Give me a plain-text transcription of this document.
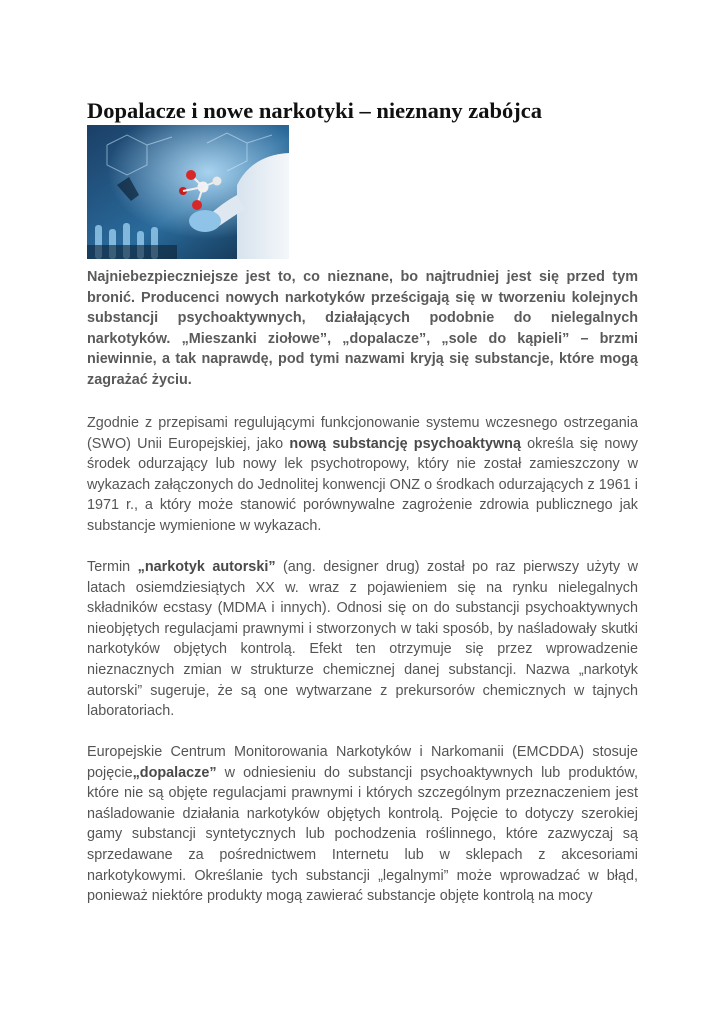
Dopalacze i nowe narkotyki – nieznany zabójca

Najniebezpieczniejsze jest to, co nieznane, bo najtrudniej jest się przed tym bronić. Producenci nowych narkotyków prześcigają się w tworzeniu kolejnych substancji psychoaktywnych, działających podobnie do nielegalnych narkotyków. „Mieszanki ziołowe”, „dopalacze”, „sole do kąpieli” – brzmi niewinnie, a tak naprawdę, pod tymi nazwami kryją się substancje, które mogą zagrażać życiu.

Zgodnie z przepisami regulującymi funkcjonowanie systemu wczesnego ostrzegania (SWO) Unii Europejskiej, jako nową substancję psychoaktywną określa się nowy środek odurzający lub nowy lek psychotropowy, który nie został zamieszczony w wykazach załączonych do Jednolitej konwencji ONZ o środkach odurzających z 1961 i 1971 r., a który może stanowić porównywalne zagrożenie zdrowia publicznego jak substancje wymienione w wykazach.

Termin „narkotyk autorski” (ang. designer drug) został po raz pierwszy użyty w latach osiemdziesiątych XX w. wraz z pojawieniem się na rynku nielegalnych składników ecstasy (MDMA i innych). Odnosi się on do substancji psychoaktywnych nieobjętych regulacjami prawnymi i stworzonych w taki sposób, by naśladowały skutki narkotyków objętych kontrolą. Efekt ten otrzymuje się przez wprowadzenie nieznacznych zmian w strukturze chemicznej danej substancji. Nazwa „narkotyk autorski” sugeruje, że są one wytwarzane z prekursorów chemicznych w tajnych laboratoriach.

Europejskie Centrum Monitorowania Narkotyków i Narkomanii (EMCDDA) stosuje pojęcie„dopalacze” w odniesieniu do substancji psychoaktywnych lub produktów, które nie są objęte regulacjami prawnymi i których szczególnym przeznaczeniem jest naśladowanie działania narkotyków objętych kontrolą. Pojęcie to dotyczy szerokiej gamy substancji syntetycznych lub pochodzenia roślinnego, które zazwyczaj są sprzedawane za pośrednictwem Internetu lub w sklepach z akcesoriami narkotykowymi. Określanie tych substancji „legalnymi” może wprowadzać w błąd, ponieważ niektóre produkty mogą zawierać substancje objęte kontrolą na mocy
